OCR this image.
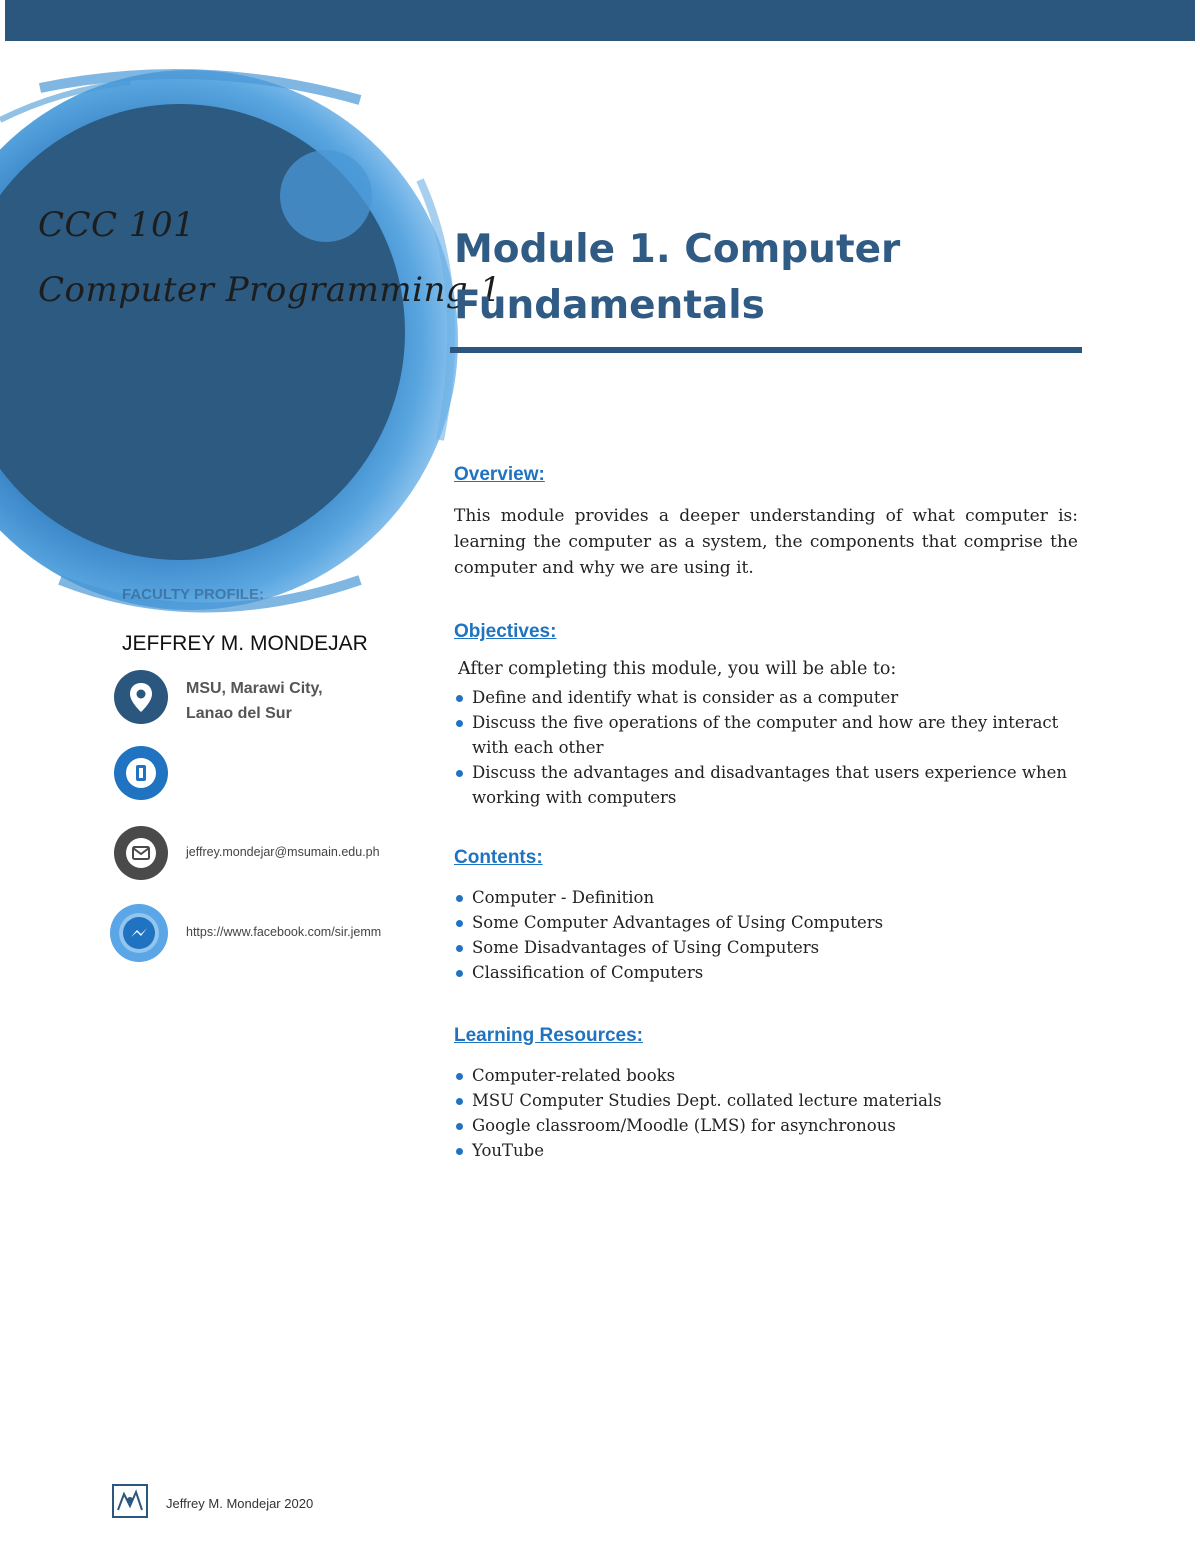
CCC 101
Computer Programming 1
Module 1. Computer Fundamentals
Overview:
This module provides a deeper understanding of what computer is: learning the computer as a system, the components that comprise the computer and why we are using it.
Objectives:
After completing this module, you will be able to:
Define and identify what is consider as a computer
Discuss the five operations of the computer and how are they interact with each other
Discuss the advantages and disadvantages that users experience when working with computers
Contents:
Computer - Definition
Some Computer Advantages of Using Computers
Some Disadvantages of Using Computers
Classification of Computers
Learning Resources:
Computer-related books
MSU Computer Studies Dept. collated lecture materials
Google classroom/Moodle (LMS) for asynchronous
YouTube
FACULTY PROFILE:
JEFFREY M. MONDEJAR
MSU, Marawi City,
Lanao del Sur
jeffrey.mondejar@msumain.edu.ph
https://www.facebook.com/sir.jemm
Jeffrey M. Mondejar 2020
